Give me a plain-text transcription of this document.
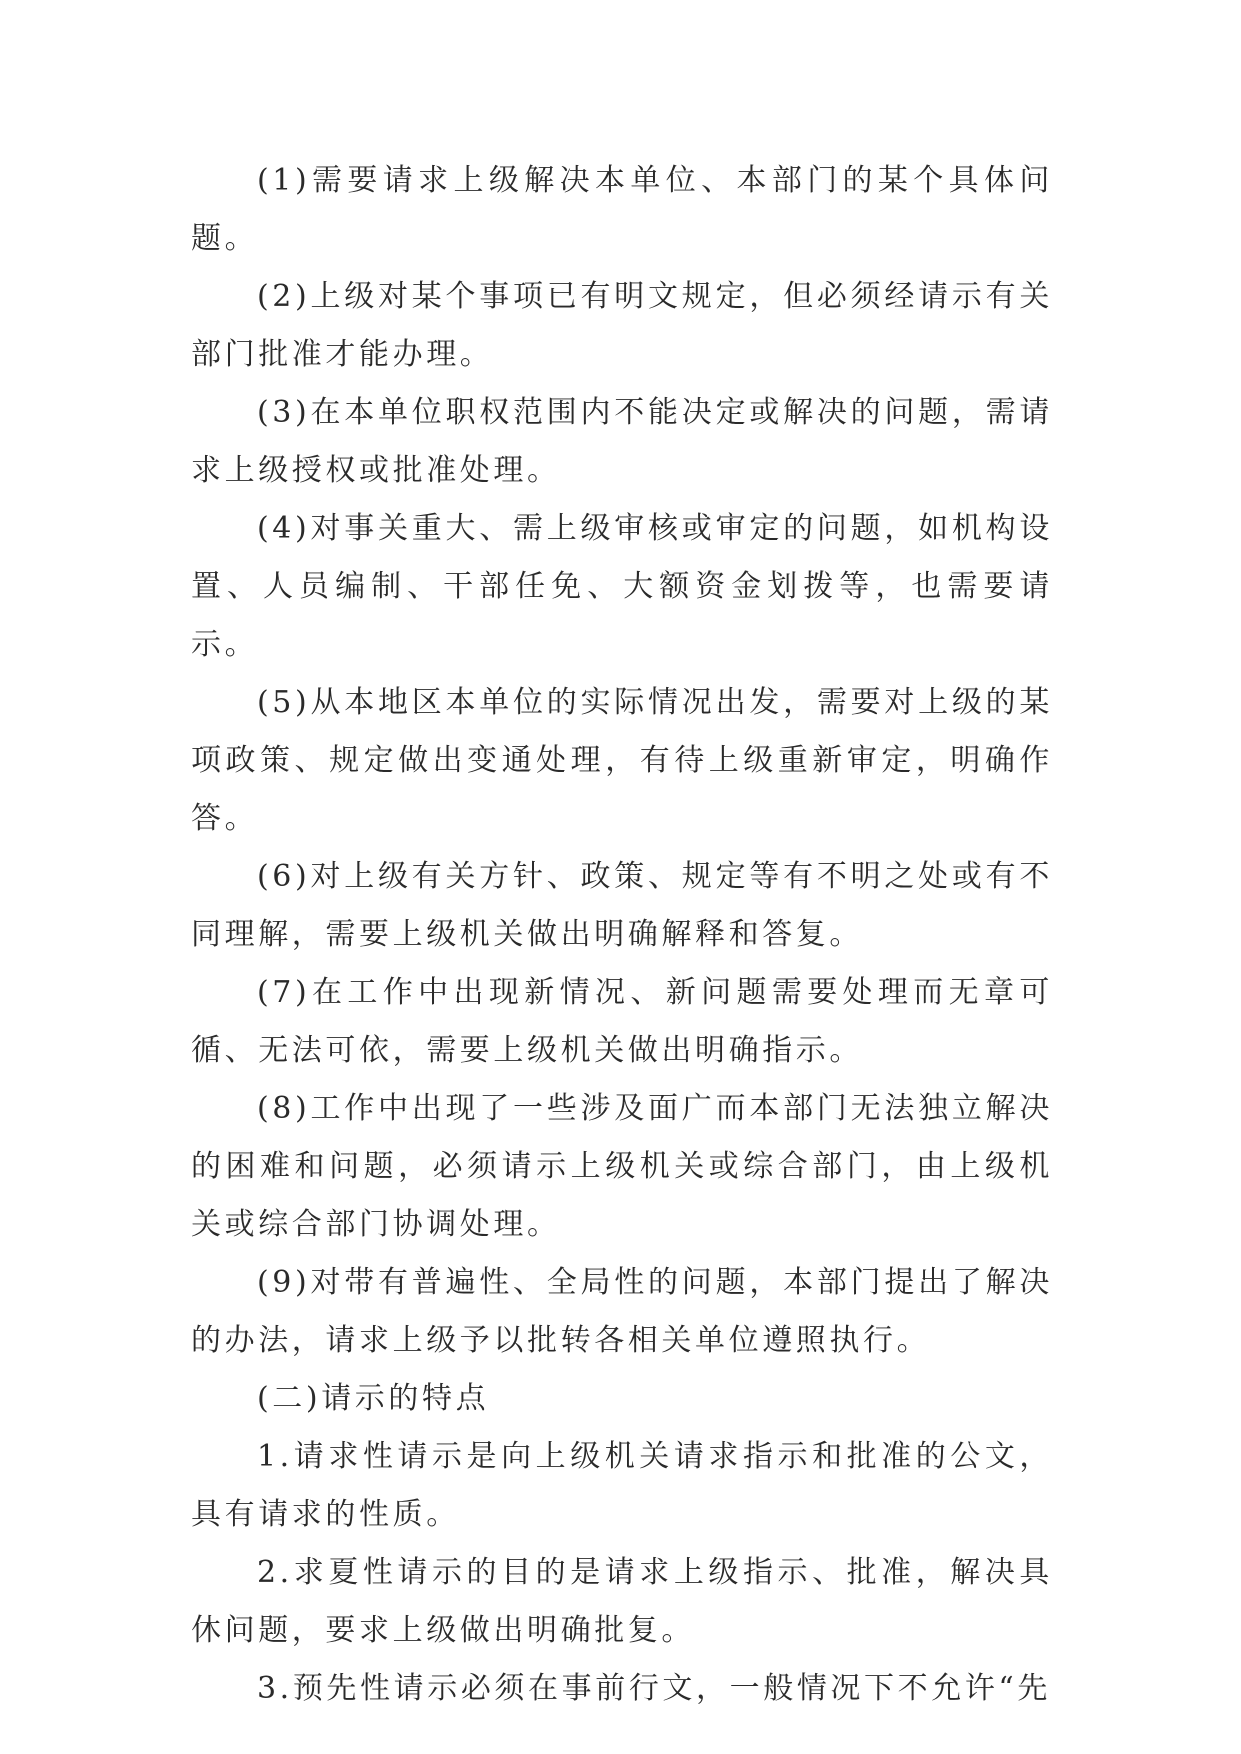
(1)需要请求上级解决本单位、本部门的某个具体问题。

(2)上级对某个事项已有明文规定，但必须经请示有关部门批准才能办理。

(3)在本单位职权范围内不能决定或解决的问题，需请求上级授权或批准处理。

(4)对事关重大、需上级审核或审定的问题，如机构设置、人员编制、干部任免、大额资金划拨等，也需要请示。

(5)从本地区本单位的实际情况出发，需要对上级的某项政策、规定做出变通处理，有待上级重新审定，明确作答。

(6)对上级有关方针、政策、规定等有不明之处或有不同理解，需要上级机关做出明确解释和答复。

(7)在工作中出现新情况、新问题需要处理而无章可循、无法可依，需要上级机关做出明确指示。

(8)工作中出现了一些涉及面广而本部门无法独立解决的困难和问题，必须请示上级机关或综合部门，由上级机关或综合部门协调处理。

(9)对带有普遍性、全局性的问题，本部门提出了解决的办法，请求上级予以批转各相关单位遵照执行。

(二)请示的特点

1.请求性请示是向上级机关请求指示和批准的公文，具有请求的性质。

2.求夏性请示的目的是请求上级指示、批准，解决具休问题，要求上级做出明确批复。

3.预先性请示必须在事前行文，一般情况下不允许“先
